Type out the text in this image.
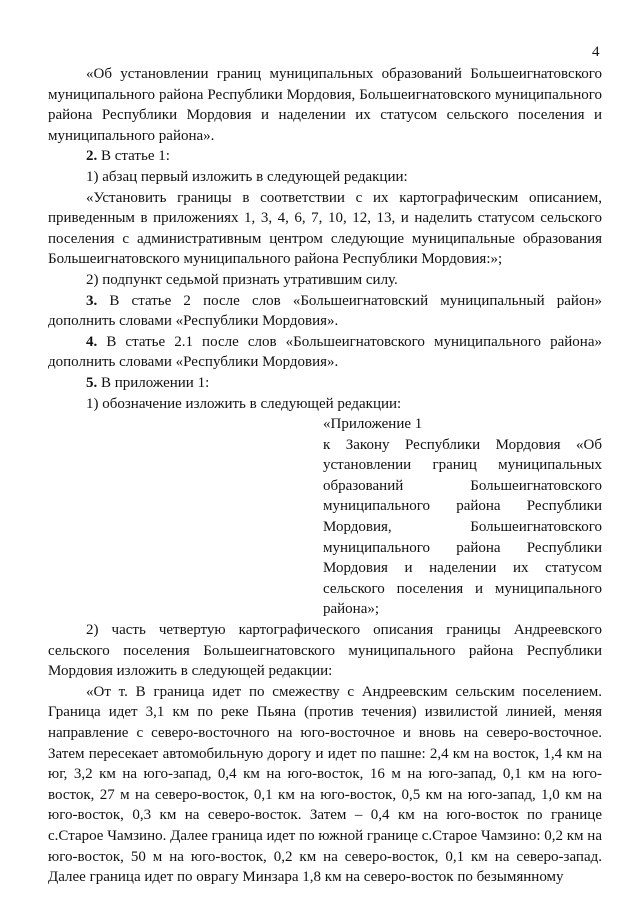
4

«Об установлении границ муниципальных образований Большеигнатовского муниципального района Республики Мордовия, Большеигнатовского муниципального района Республики Мордовия и наделении их статусом сельского поселения и муниципального района».

2. В статье 1:

1) абзац первый изложить в следующей редакции:

«Установить границы в соответствии с их картографическим описанием, приведенным в приложениях 1, 3, 4, 6, 7, 10, 12, 13, и наделить статусом сельского поселения с административным центром следующие муниципальные образования Большеигнатовского муниципального района Республики Мордовия:»;

2) подпункт седьмой признать утратившим силу.

3. В статье 2 после слов «Большеигнатовский муниципальный район» дополнить словами «Республики Мордовия».

4. В статье 2.1 после слов «Большеигнатовского муниципального района» дополнить словами «Республики Мордовия».

5. В приложении 1:

1) обозначение изложить в следующей редакции:

«Приложение 1

к Закону Республики Мордовия «Об установлении границ муниципальных образований Большеигнатовского муниципального района Республики Мордовия, Большеигнатовского муниципального района Республики Мордовия и наделении их статусом сельского поселения и муниципального района»;

2) часть четвертую картографического описания границы Андреевского сельского поселения Большеигнатовского муниципального района Республики Мордовия изложить в следующей редакции:

«От т. В граница идет по смежеству с Андреевским сельским поселением. Граница идет 3,1 км по реке Пьяна (против течения) извилистой линией, меняя направление с северо-восточного на юго-восточное и вновь на северо-восточное. Затем пересекает автомобильную дорогу и идет по пашне: 2,4 км на восток, 1,4 км на юг, 3,2 км на юго-запад, 0,4 км на юго-восток, 16 м на юго-запад, 0,1 км на юго-восток, 27 м на северо-восток, 0,1 км на юго-восток, 0,5 км на юго-запад, 1,0 км на юго-восток, 0,3 км на северо-восток. Затем – 0,4 км на юго-восток по границе с.Старое Чамзино. Далее граница идет по южной границе с.Старое Чамзино: 0,2 км на юго-восток, 50 м на юго-восток, 0,2 км на северо-восток, 0,1 км на северо-запад. Далее граница идет по оврагу Минзара 1,8 км на северо-восток по безымянному
